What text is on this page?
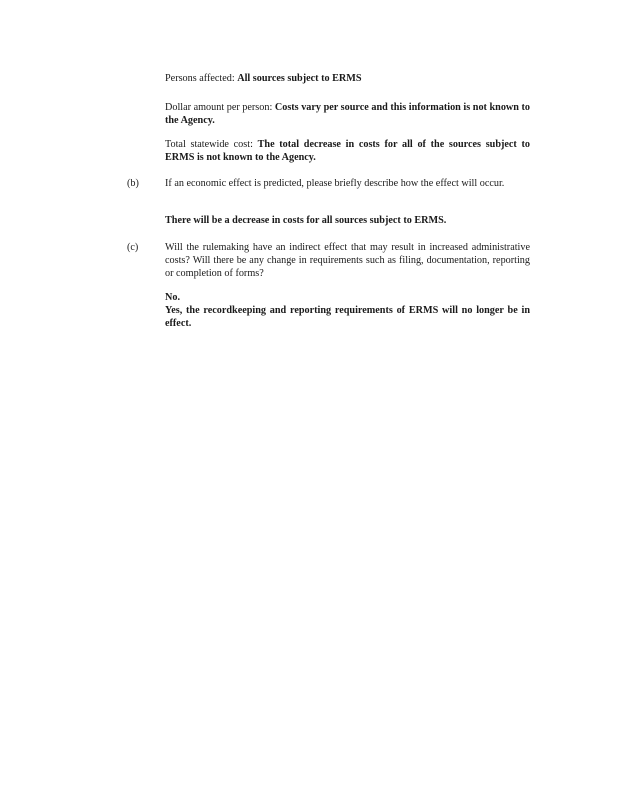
Persons affected: All sources subject to ERMS
Dollar amount per person: Costs vary per source and this information is not known to the Agency.
Total statewide cost: The total decrease in costs for all of the sources subject to ERMS is not known to the Agency.
(b)	If an economic effect is predicted, please briefly describe how the effect will occur.
There will be a decrease in costs for all sources subject to ERMS.
(c)	Will the rulemaking have an indirect effect that may result in increased administrative costs? Will there be any change in requirements such as filing, documentation, reporting or completion of forms?
No.
Yes, the recordkeeping and reporting requirements of ERMS will no longer be in effect.
